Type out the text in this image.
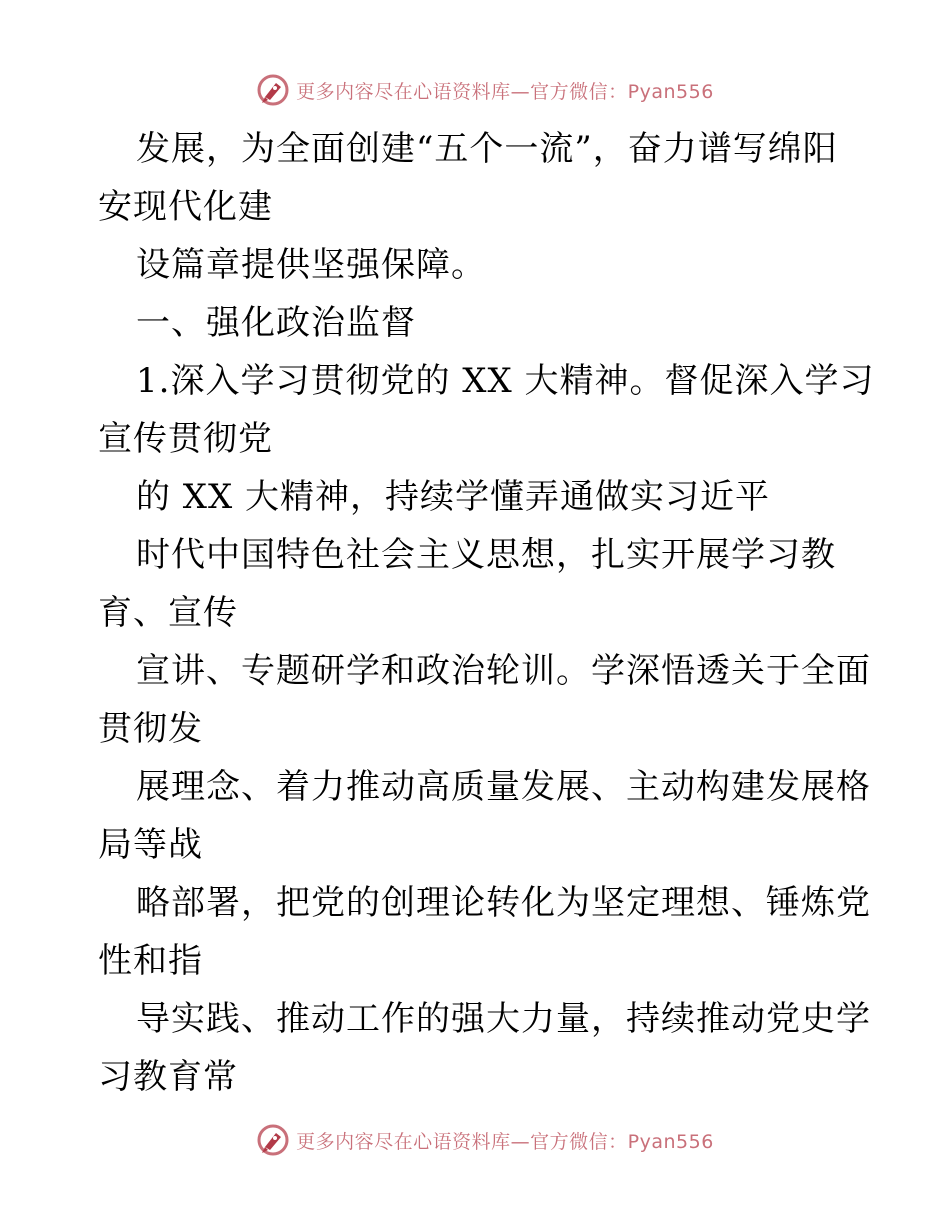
更多内容尽在心语资料库—官方微信：Pyan556
发展，为全面创建“五个一流”，奋力谱写绵阳
安现代化建
设篇章提供坚强保障。
一、强化政治监督
1.深入学习贯彻党的 XX 大精神。督促深入学习
宣传贯彻党
的 XX 大精神，持续学懂弄通做实习近平
时代中国特色社会主义思想，扎实开展学习教
育、宣传
宣讲、专题研学和政治轮训。学深悟透关于全面
贯彻发
展理念、着力推动高质量发展、主动构建发展格
局等战
略部署，把党的创理论转化为坚定理想、锤炼党
性和指
导实践、推动工作的强大力量，持续推动党史学
习教育常
更多内容尽在心语资料库—官方微信：Pyan556
